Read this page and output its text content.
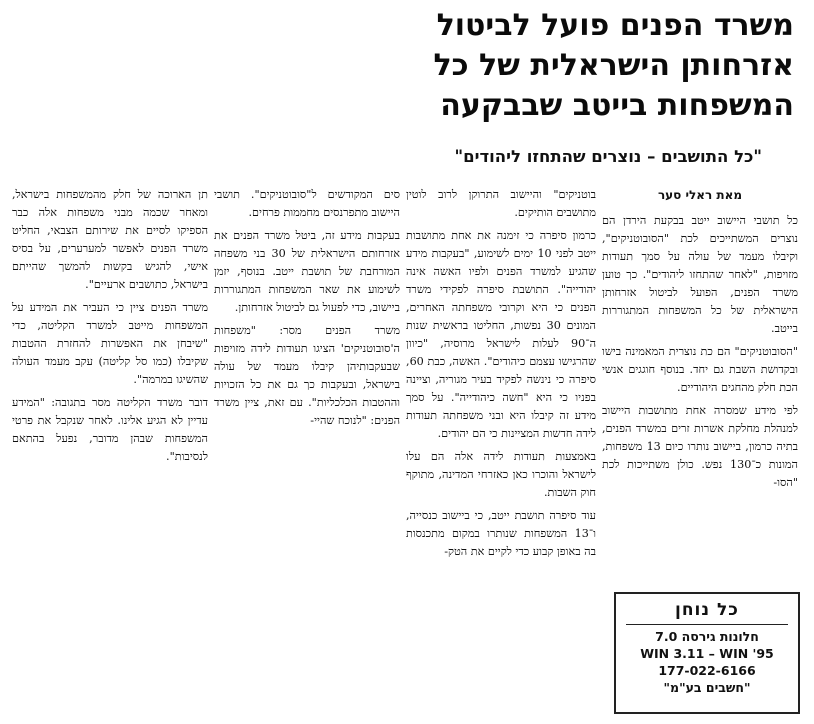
משרד הפנים פועל לביטול אזרחותן הישראלית של כל המשפחות בייטב שבבקעה
"כל התושבים – נוצרים שהתחזו ליהודים"
מאת ראלי סער

כל תושבי היישוב ייטב בבקעת הירדן הם נוצרים המשתייכים לכת "הסובוטניקים", וקיבלו מעמד של עולה על סמך תעודות מזויפות, "לאחר שהתחזו ליהודים". כך טוען משרד הפנים, הפועל לביטול אזרחותן הישראלית של כל המשפחות המתגוררות בייטב.

"הסובוטניקים" הם כת נוצרית המאמינה בישו ובקדושת השבת גם יחד. בנוסף חוגגים אנשי הכת חלק מהחגים היהודיים.

לפי מידע שמסרה אחת מתושבות היישוב למנהלת מחלקת אשרות זרים במשרד הפנים, בתיה כרמון, ביישוב נותרו כיום 13 משפחות, המונות כ־130 נפש. כולן משתייכות לכת "הסו-

בוטניקים" והיישוב התרוקן לרוב לוטין מתושבים הותיקים.

כרמון סיפרה כי זימנה את אחת מתושבות ייטב לפני 10 ימים לשימוע, "בעקבות מידע שהגיע למשרד הפנים ולפיו האשה אינה יהודייה". התושבת סיפרה לפקידי משרד הפנים כי היא וקרובי משפחתה האחרים, המונים 30 נפשות, החליטו בראשית שנות ה־90 לעלות לישראל מרוסיה, "כיוון שהרגישו עצמם כיהודים". האשה, כבת 60, סיפרה כי נינשה לפקיד בעיר מגוריה, וציינה בפניו כי היא "חשה כיהודייה". על סמך מידע זה קיבלו היא ובני משפחתה תעודות לידה חדשות המציינות כי הם יהודים.

באמצעות תעודות לידה אלה הם עלו לישראל והוכרו כאן כאזרחי המדינה, מתוקף חוק השבות.

עוד סיפרה תושבת ייטב, כי ביישוב כנסייה, ו־13 המשפחות שנותרו במקום מתכנסות בה באופן קבוע כדי לקיים את הטק-

סים המקודשים ל"סובוטניקים". תושבי היישוב מתפרנסים מחממות פרחים.

בעקבות מידע זה, ביטל משרד הפנים את אזרחותם הישראלית של 30 בני משפחה המורחבת של תושבת ייטב. בנוסף, יזמן לשימוע את שאר המשפחות המתגוררות ביישוב, כדי לפעול גם לביטול אזרחותן.

משרד הפנים מסר: "משפחות ה'סובוטניקים' הציגו תעודות לידה מזויפות שבעקבותיהן קיבלו מעמד של עולה בישראל, ובעקבות כך גם את כל הזכויות וההטבות הכלכליות". עם זאת, ציין משרד הפנים: "לנוכח שהיי-

תן הארוכה של חלק מהמשפחות בישראל, ומאחר שכמה מבני משפחות אלה כבר הספיקו לסיים את שירותם הצבאי, החליט משרד הפנים לאפשר למערערים, על בסיס אישי, להגיש בקשות להמשך שהייתם בישראל, כתושבים ארעיים".

משרד הפנים ציין כי העביר את המידע על המשפחות מייטב למשרד הקליטה, כדי "שיבחן את האפשרות להחזרת ההטבות שקיבלו (כמו סל קליטה) עקב מעמד העולה שהשיגו במרמה".

דובר משרד הקליטה מסר בתגובה: "המידע עדיין לא הגיע אלינו. לאחר שנקבל את פרטי המשפחות שבהן מדובר, נפעל בהתאם לנסיבות".

כל נוחן
חלונות גירסה 7.0
WIN 3.11 – WIN '95
177-022-6166
"חשבים בע"מ"
